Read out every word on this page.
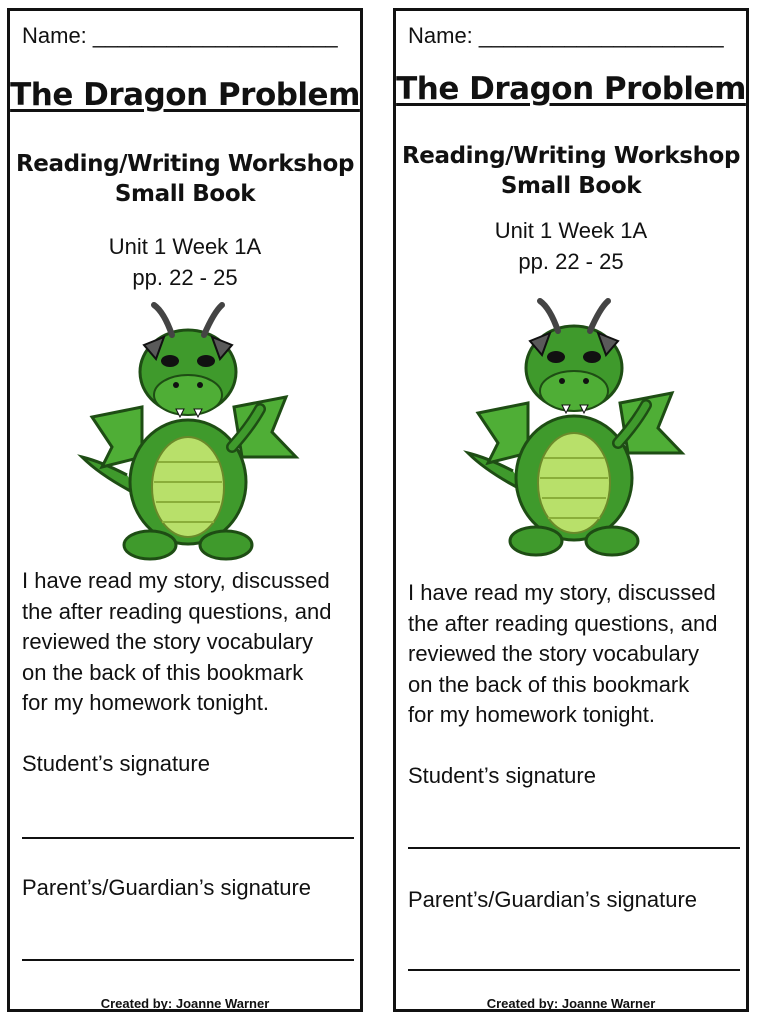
Name: ____________________
The Dragon Problem
Reading/Writing Workshop
Small Book
Unit 1 Week 1A
pp. 22 - 25
I have read my story, discussed
the after reading questions, and
reviewed the story vocabulary
on the back of this bookmark
for my homework tonight.
Student’s signature
Parent’s/Guardian’s signature
Created by: Joanne Warner
Name: ____________________
The Dragon Problem
Reading/Writing Workshop
Small Book
Unit 1 Week 1A
pp. 22 - 25
I have read my story, discussed
the after reading questions, and
reviewed the story vocabulary
on the back of this bookmark
for my homework tonight.
Student’s signature
Parent’s/Guardian’s signature
Created by: Joanne Warner
